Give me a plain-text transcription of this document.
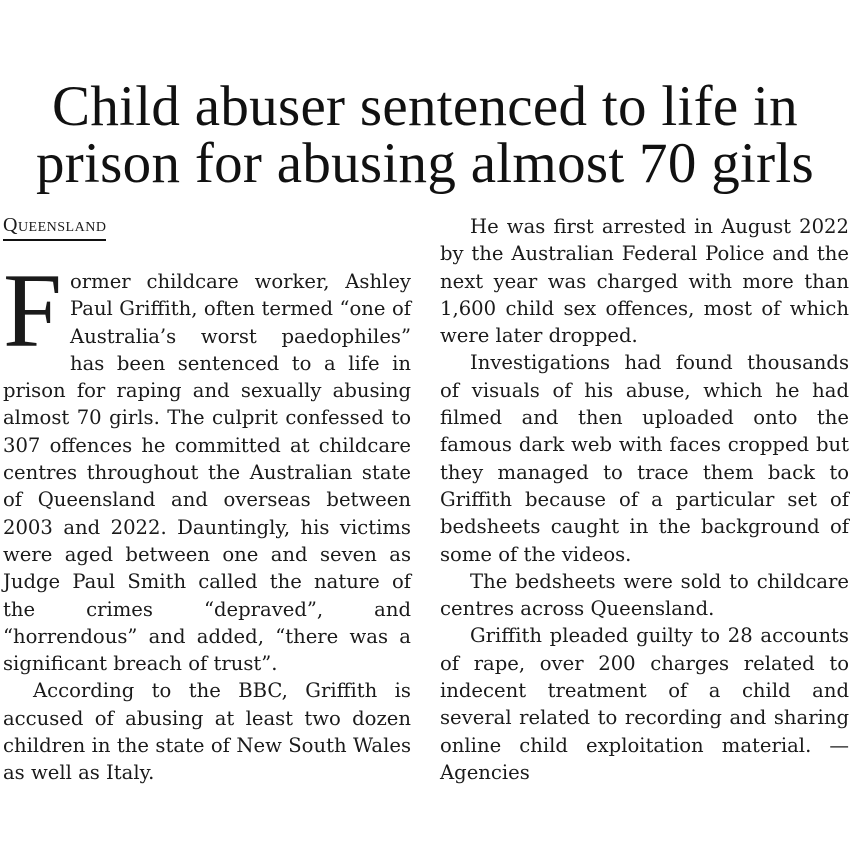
Child abuser sentenced to life in
prison for abusing almost 70 girls
Queensland

Former childcare worker, Ashley Paul Griffith, often termed “one of Australia’s worst paedophiles” has been sentenced to a life in prison for raping and sexually abusing almost 70 girls. The culprit confessed to 307 offences he committed at childcare centres throughout the Australian state of Queensland and overseas between 2003 and 2022. Dauntingly, his victims were aged between one and seven as Judge Paul Smith called the nature of the crimes “depraved”, and “horrendous” and added, “there was a significant breach of trust”.

According to the BBC, Griffith is accused of abusing at least two dozen children in the state of New South Wales as well as Italy.

He was first arrested in August 2022 by the Australian Federal Police and the next year was charged with more than 1,600 child sex offences, most of which were later dropped.

Investigations had found thousands of visuals of his abuse, which he had filmed and then uploaded onto the famous dark web with faces cropped but they managed to trace them back to Griffith because of a particular set of bedsheets caught in the background of some of the videos.

The bedsheets were sold to childcare centres across Queensland.

Griffith pleaded guilty to 28 accounts of rape, over 200 charges related to indecent treatment of a child and several related to recording and sharing online child exploitation material. —Agencies
